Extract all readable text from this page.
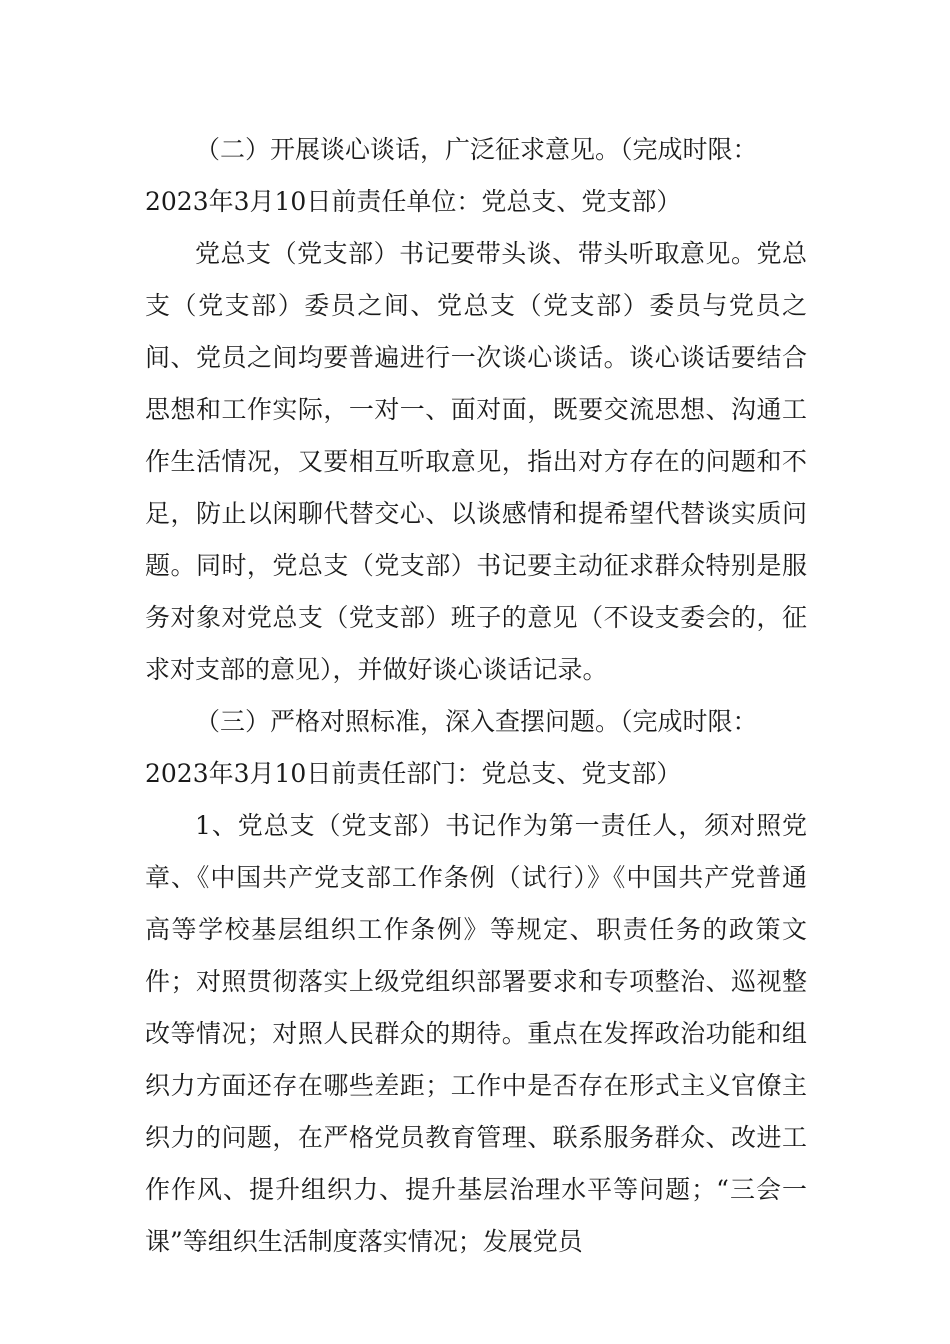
（二）开展谈心谈话，广泛征求意见。（完成时限：

2023年3月10日前责任单位：党总支、党支部）

党总支（党支部）书记要带头谈、带头听取意见。党总支（党支部）委员之间、党总支（党支部）委员与党员之间、党员之间均要普遍进行一次谈心谈话。谈心谈话要结合思想和工作实际，一对一、面对面，既要交流思想、沟通工作生活情况，又要相互听取意见，指出对方存在的问题和不足，防止以闲聊代替交心、以谈感情和提希望代替谈实质问题。同时，党总支（党支部）书记要主动征求群众特别是服务对象对党总支（党支部）班子的意见（不设支委会的，征求对支部的意见），并做好谈心谈话记录。

（三）严格对照标准，深入查摆问题。（完成时限：

2023年3月10日前责任部门：党总支、党支部）

1、党总支（党支部）书记作为第一责任人，须对照党章、《中国共产党支部工作条例（试行）》《中国共产党普通高等学校基层组织工作条例》等规定、职责任务的政策文件；对照贯彻落实上级党组织部署要求和专项整治、巡视整改等情况；对照人民群众的期待。重点在发挥政治功能和组织力方面还存在哪些差距；工作中是否存在形式主义官僚主织力的问题，在严格党员教育管理、联系服务群众、改进工作作风、提升组织力、提升基层治理水平等问题；“三会一课”等组织生活制度落实情况；发展党员
